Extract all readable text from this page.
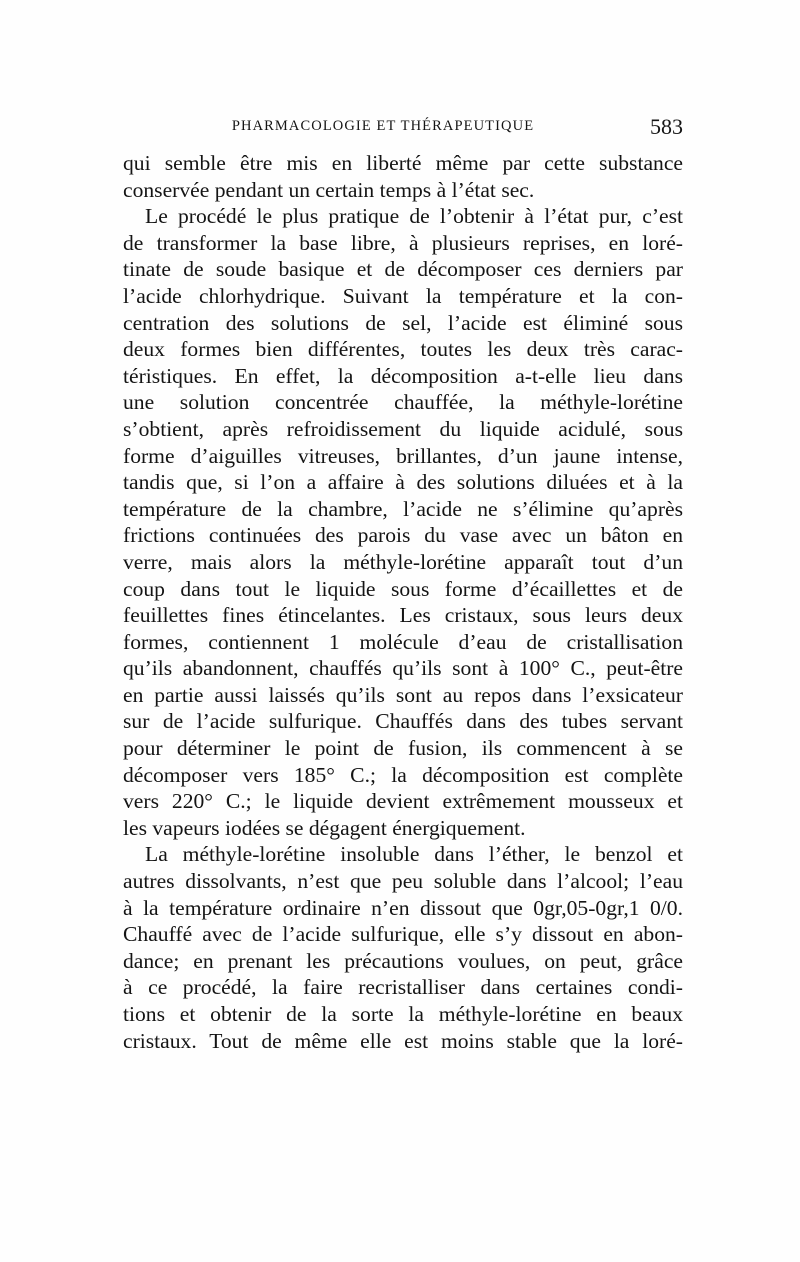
PHARMACOLOGIE ET THÉRAPEUTIQUE	583
qui semble être mis en liberté même par cette substance
conservée pendant un certain temps à l’état sec.
Le procédé le plus pratique de l’obtenir à l’état pur, c’est
de transformer la base libre, à plusieurs reprises, en loré-
tinate de soude basique et de décomposer ces derniers par
l’acide chlorhydrique. Suivant la température et la con-
centration des solutions de sel, l’acide est éliminé sous
deux formes bien différentes, toutes les deux très carac-
téristiques. En effet, la décomposition a-t-elle lieu dans
une solution concentrée chauffée, la méthyle-lorétine
s’obtient, après refroidissement du liquide acidulé, sous
forme d’aiguilles vitreuses, brillantes, d’un jaune intense,
tandis que, si l’on a affaire à des solutions diluées et à la
température de la chambre, l’acide ne s’élimine qu’après
frictions continuées des parois du vase avec un bâton en
verre, mais alors la méthyle-lorétine apparaît tout d’un
coup dans tout le liquide sous forme d’écaillettes et de
feuillettes fines étincelantes. Les cristaux, sous leurs deux
formes, contiennent 1 molécule d’eau de cristallisation
qu’ils abandonnent, chauffés qu’ils sont à 100° C., peut-être
en partie aussi laissés qu’ils sont au repos dans l’exsicateur
sur de l’acide sulfurique. Chauffés dans des tubes servant
pour déterminer le point de fusion, ils commencent à se
décomposer vers 185° C.; la décomposition est complète
vers 220° C.; le liquide devient extrêmement mousseux et
les vapeurs iodées se dégagent énergiquement.
La méthyle-lorétine insoluble dans l’éther, le benzol et
autres dissolvants, n’est que peu soluble dans l’alcool; l’eau
à la température ordinaire n’en dissout que 0gr,05-0gr,1 0/0.
Chauffé avec de l’acide sulfurique, elle s’y dissout en abon-
dance; en prenant les précautions voulues, on peut, grâce
à ce procédé, la faire recristalliser dans certaines condi-
tions et obtenir de la sorte la méthyle-lorétine en beaux
cristaux. Tout de même elle est moins stable que la loré-
